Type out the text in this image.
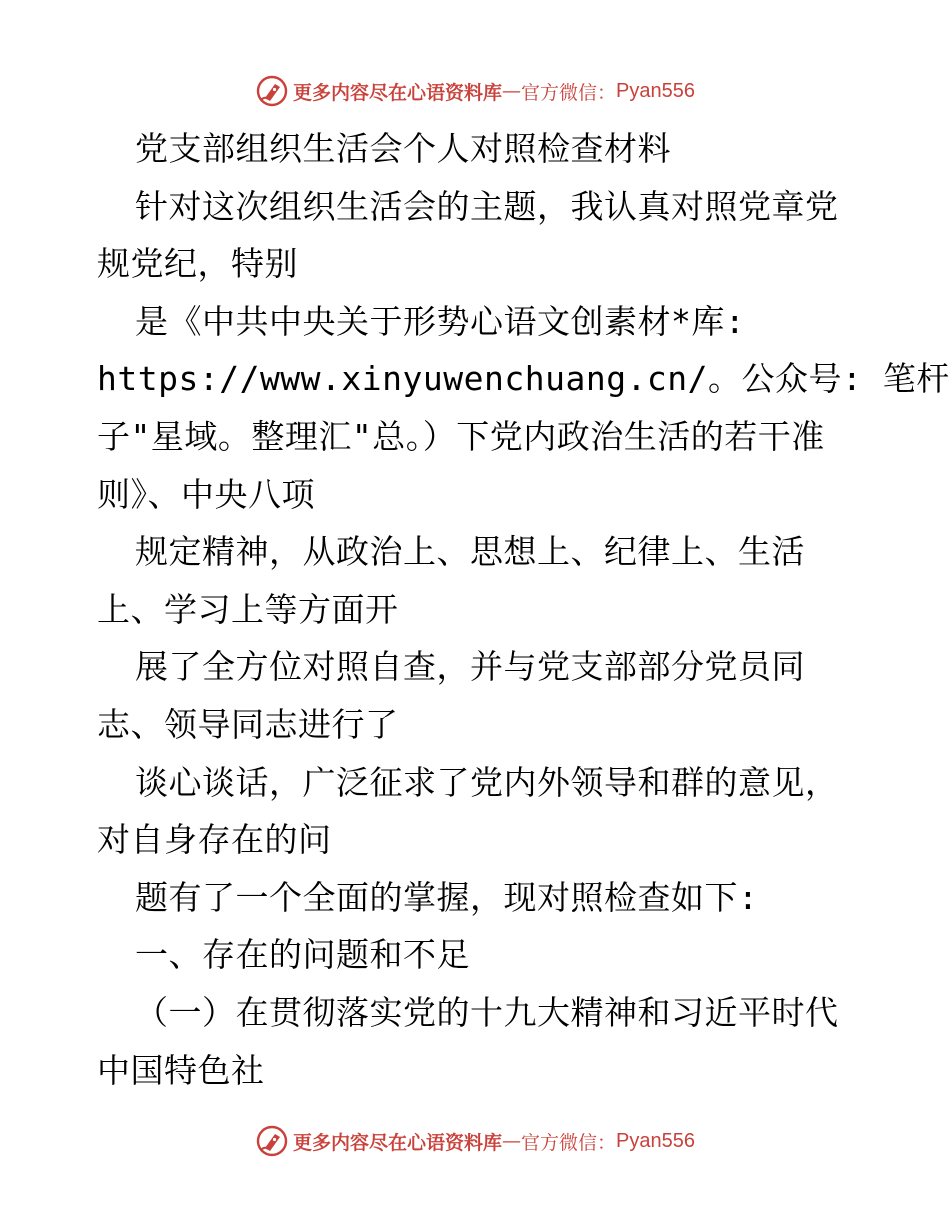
更多内容尽在心语资料库 — 官方微信： Pyan556
党支部组织生活会个人对照检查材料
针对这次组织生活会的主题，我认真对照党章党
规党纪，特别
是《中共中央关于形势心语文创素材*库:
https://www.xinyuwenchuang.cn/。公众号: 笔杆
子"星域。整理汇"总。）下党内政治生活的若干准
则》、中央八项
规定精神，从政治上、思想上、纪律上、生活
上、学习上等方面开
展了全方位对照自查，并与党支部部分党员同
志、领导同志进行了
谈心谈话，广泛征求了党内外领导和群的意见，
对自身存在的问
题有了一个全面的掌握，现对照检查如下:
一、存在的问题和不足
（一）在贯彻落实党的十九大精神和习近平时代
中国特色社
更多内容尽在心语资料库 — 官方微信： Pyan556
